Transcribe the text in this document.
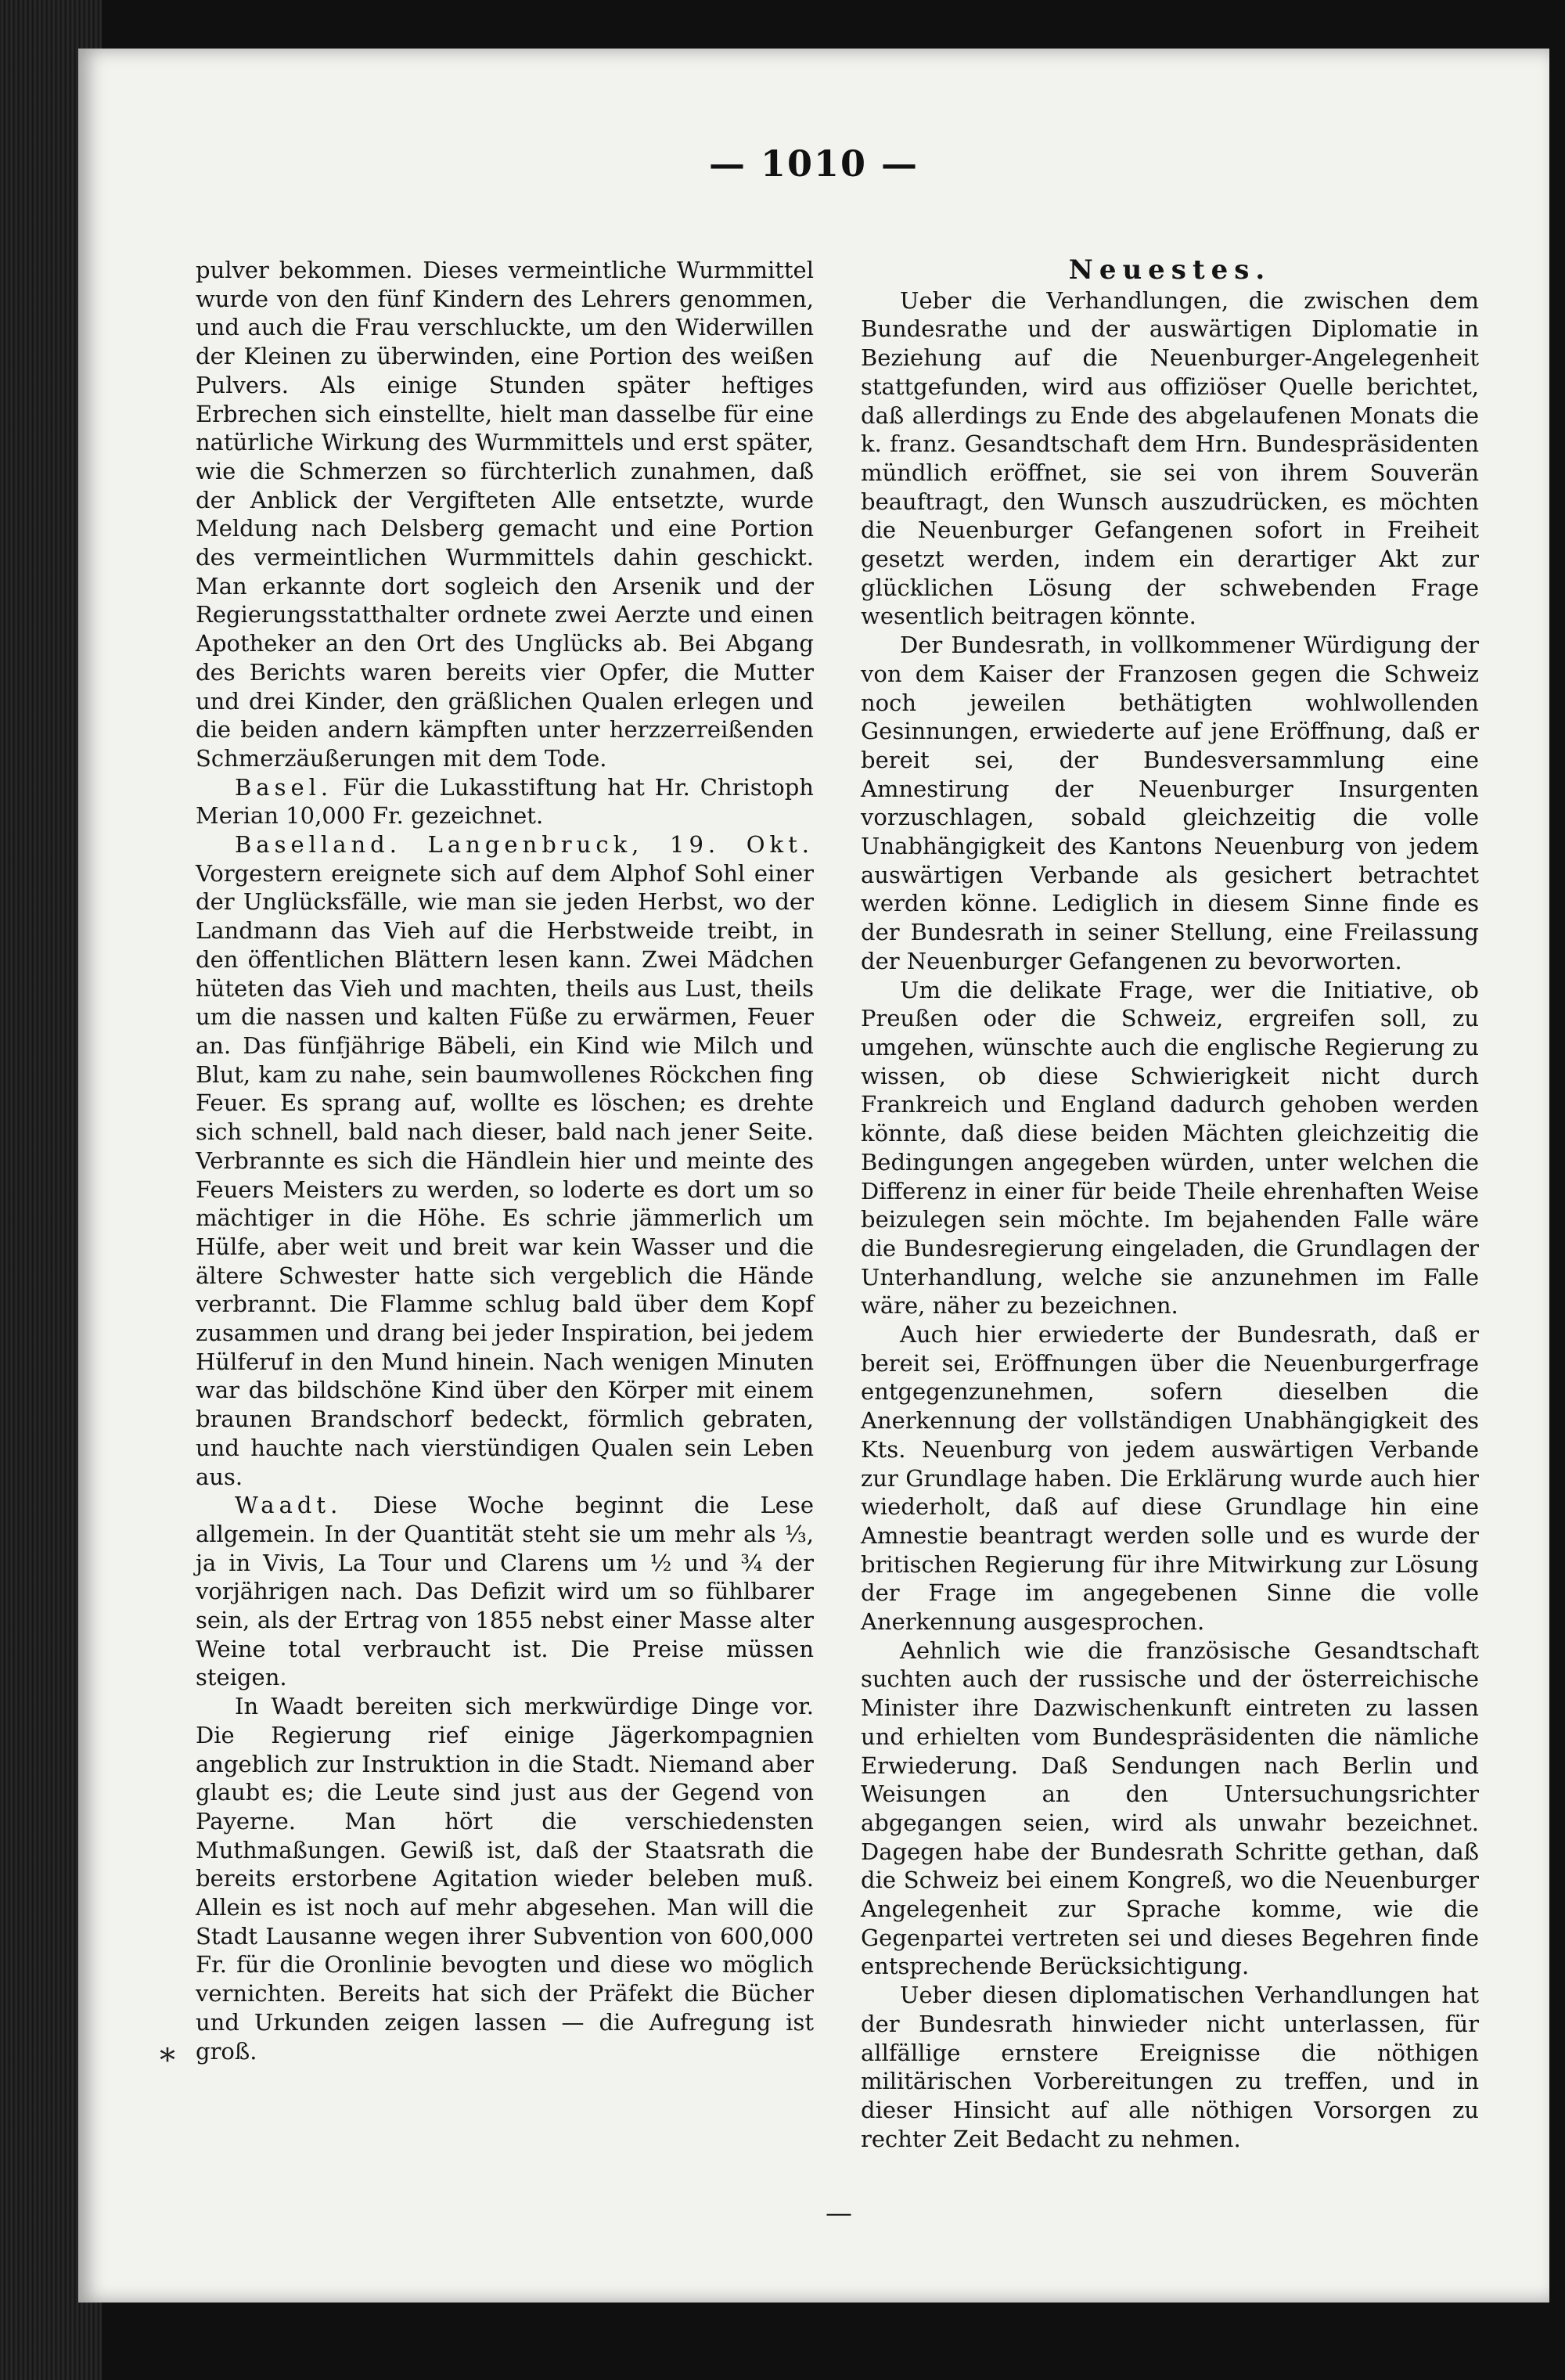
— 1010 —

pulver bekommen. Dieses vermeintliche Wurmmittel wurde von den fünf Kindern des Lehrers genommen, und auch die Frau verschluckte, um den Widerwillen der Kleinen zu überwinden, eine Portion des weißen Pulvers. Als einige Stunden später heftiges Erbrechen sich einstellte, hielt man dasselbe für eine natürliche Wirkung des Wurmmittels und erst später, wie die Schmerzen so fürchterlich zunahmen, daß der Anblick der Vergifteten Alle entsetzte, wurde Meldung nach Delsberg gemacht und eine Portion des vermeintlichen Wurmmittels dahin geschickt. Man erkannte dort sogleich den Arsenik und der Regierungsstatthalter ordnete zwei Aerzte und einen Apotheker an den Ort des Unglücks ab. Bei Abgang des Berichts waren bereits vier Opfer, die Mutter und drei Kinder, den gräßlichen Qualen erlegen und die beiden andern kämpften unter herzzerreißenden Schmerzäußerungen mit dem Tode.

Basel. Für die Lukasstiftung hat Hr. Christoph Merian 10,000 Fr. gezeichnet.

Baselland. Langenbruck, 19. Okt. Vorgestern ereignete sich auf dem Alphof Sohl einer der Unglücksfälle, wie man sie jeden Herbst, wo der Landmann das Vieh auf die Herbstweide treibt, in den öffentlichen Blättern lesen kann. Zwei Mädchen hüteten das Vieh und machten, theils aus Lust, theils um die nassen und kalten Füße zu erwärmen, Feuer an. Das fünfjährige Bäbeli, ein Kind wie Milch und Blut, kam zu nahe, sein baumwollenes Röckchen fing Feuer. Es sprang auf, wollte es löschen; es drehte sich schnell, bald nach dieser, bald nach jener Seite. Verbrannte es sich die Händlein hier und meinte des Feuers Meisters zu werden, so loderte es dort um so mächtiger in die Höhe. Es schrie jämmerlich um Hülfe, aber weit und breit war kein Wasser und die ältere Schwester hatte sich vergeblich die Hände verbrannt. Die Flamme schlug bald über dem Kopf zusammen und drang bei jeder Inspiration, bei jedem Hülferuf in den Mund hinein. Nach wenigen Minuten war das bildschöne Kind über den Körper mit einem braunen Brandschorf bedeckt, förmlich gebraten, und hauchte nach vierstündigen Qualen sein Leben aus.

Waadt. Diese Woche beginnt die Lese allgemein. In der Quantität steht sie um mehr als ⅓, ja in Vivis, La Tour und Clarens um ½ und ¾ der vorjährigen nach. Das Defizit wird um so fühlbarer sein, als der Ertrag von 1855 nebst einer Masse alter Weine total verbraucht ist. Die Preise müssen steigen.

In Waadt bereiten sich merkwürdige Dinge vor. Die Regierung rief einige Jägerkompagnien angeblich zur Instruktion in die Stadt. Niemand aber glaubt es; die Leute sind just aus der Gegend von Payerne. Man hört die verschiedensten Muthmaßungen. Gewiß ist, daß der Staatsrath die bereits erstorbene Agitation wieder beleben muß. Allein es ist noch auf mehr abgesehen. Man will die Stadt Lausanne wegen ihrer Subvention von 600,000 Fr. für die Oronlinie bevogten und diese wo möglich vernichten. Bereits hat sich der Präfekt die Bücher und Urkunden zeigen lassen — die Aufregung ist groß.

Neuestes.

Ueber die Verhandlungen, die zwischen dem Bundesrathe und der auswärtigen Diplomatie in Beziehung auf die Neuenburger-Angelegenheit stattgefunden, wird aus offiziöser Quelle berichtet, daß allerdings zu Ende des abgelaufenen Monats die k. franz. Gesandtschaft dem Hrn. Bundespräsidenten mündlich eröffnet, sie sei von ihrem Souverän beauftragt, den Wunsch auszudrücken, es möchten die Neuenburger Gefangenen sofort in Freiheit gesetzt werden, indem ein derartiger Akt zur glücklichen Lösung der schwebenden Frage wesentlich beitragen könnte.

Der Bundesrath, in vollkommener Würdigung der von dem Kaiser der Franzosen gegen die Schweiz noch jeweilen bethätigten wohlwollenden Gesinnungen, erwiederte auf jene Eröffnung, daß er bereit sei, der Bundesversammlung eine Amnestirung der Neuenburger Insurgenten vorzuschlagen, sobald gleichzeitig die volle Unabhängigkeit des Kantons Neuenburg von jedem auswärtigen Verbande als gesichert betrachtet werden könne. Lediglich in diesem Sinne finde es der Bundesrath in seiner Stellung, eine Freilassung der Neuenburger Gefangenen zu bevorworten.

Um die delikate Frage, wer die Initiative, ob Preußen oder die Schweiz, ergreifen soll, zu umgehen, wünschte auch die englische Regierung zu wissen, ob diese Schwierigkeit nicht durch Frankreich und England dadurch gehoben werden könnte, daß diese beiden Mächten gleichzeitig die Bedingungen angegeben würden, unter welchen die Differenz in einer für beide Theile ehrenhaften Weise beizulegen sein möchte. Im bejahenden Falle wäre die Bundesregierung eingeladen, die Grundlagen der Unterhandlung, welche sie anzunehmen im Falle wäre, näher zu bezeichnen.

Auch hier erwiederte der Bundesrath, daß er bereit sei, Eröffnungen über die Neuenburgerfrage entgegenzunehmen, sofern dieselben die Anerkennung der vollständigen Unabhängigkeit des Kts. Neuenburg von jedem auswärtigen Verbande zur Grundlage haben. Die Erklärung wurde auch hier wiederholt, daß auf diese Grundlage hin eine Amnestie beantragt werden solle und es wurde der britischen Regierung für ihre Mitwirkung zur Lösung der Frage im angegebenen Sinne die volle Anerkennung ausgesprochen.

Aehnlich wie die französische Gesandtschaft suchten auch der russische und der österreichische Minister ihre Dazwischenkunft eintreten zu lassen und erhielten vom Bundespräsidenten die nämliche Erwiederung. Daß Sendungen nach Berlin und Weisungen an den Untersuchungsrichter abgegangen seien, wird als unwahr bezeichnet. Dagegen habe der Bundesrath Schritte gethan, daß die Schweiz bei einem Kongreß, wo die Neuenburger Angelegenheit zur Sprache komme, wie die Gegenpartei vertreten sei und dieses Begehren finde entsprechende Berücksichtigung.

Ueber diesen diplomatischen Verhandlungen hat der Bundesrath hinwieder nicht unterlassen, für allfällige ernstere Ereignisse die nöthigen militärischen Vorbereitungen zu treffen, und in dieser Hinsicht auf alle nöthigen Vorsorgen zu rechter Zeit Bedacht zu nehmen.

*
—
